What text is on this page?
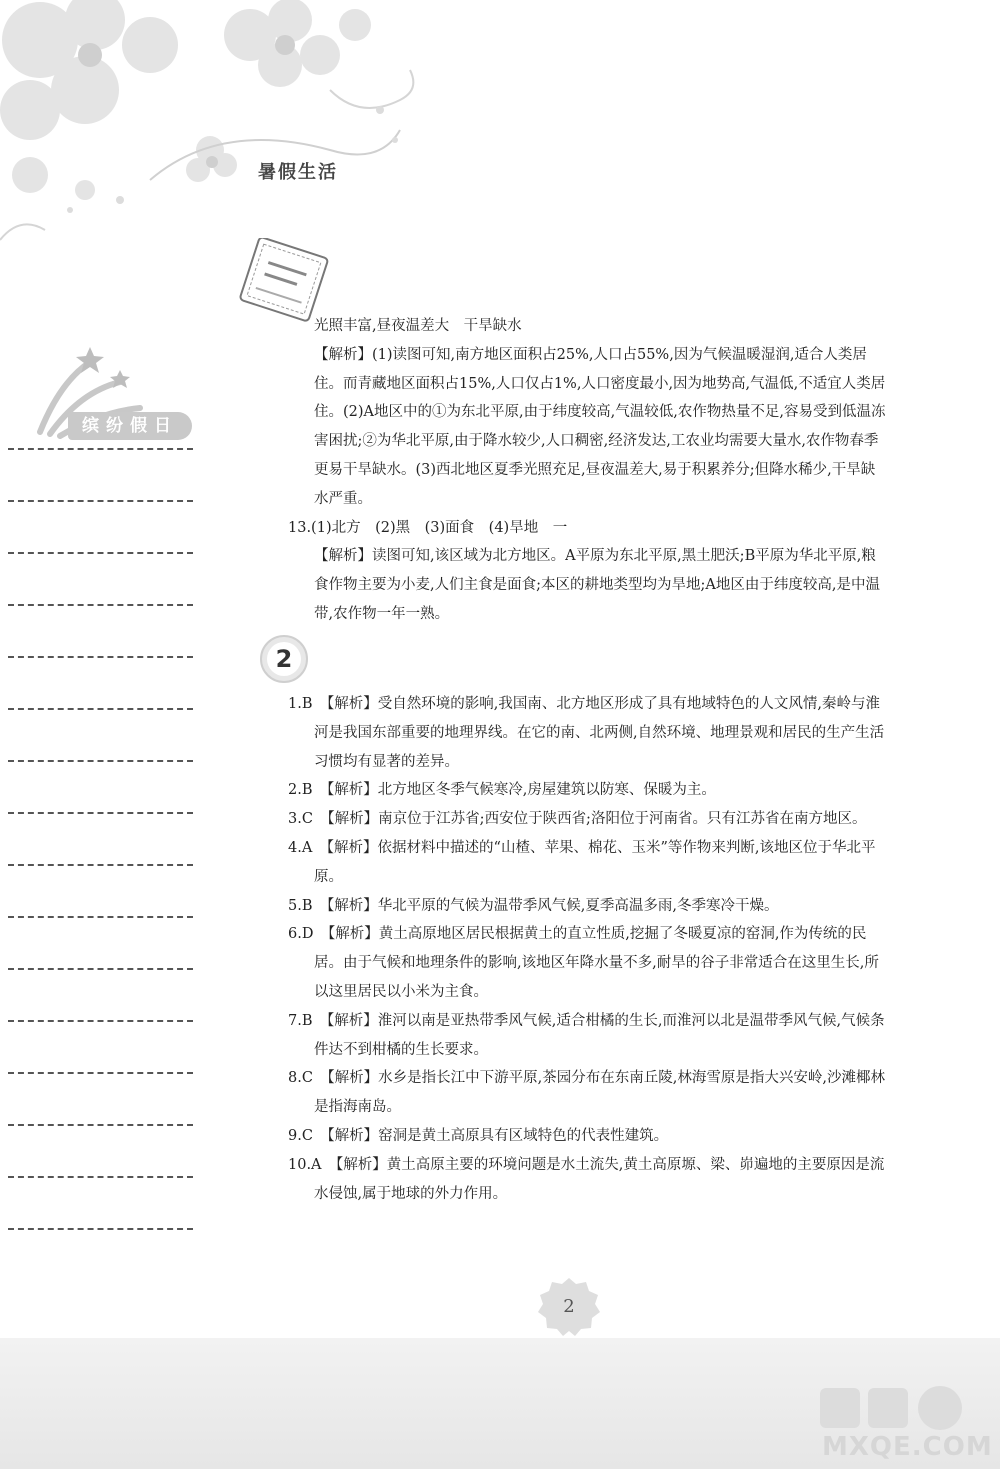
暑假生活
缤纷假日

光照丰富,昼夜温差大　干旱缺水

【解析】(1)读图可知,南方地区面积占25%,人口占55%,因为气候温暖湿润,适合人类居住。而青藏地区面积占15%,人口仅占1%,人口密度最小,因为地势高,气温低,不适宜人类居住。(2)A地区中的①为东北平原,由于纬度较高,气温较低,农作物热量不足,容易受到低温冻害困扰;②为华北平原,由于降水较少,人口稠密,经济发达,工农业均需要大量水,农作物春季更易干旱缺水。(3)西北地区夏季光照充足,昼夜温差大,易于积累养分;但降水稀少,干旱缺水严重。

13.(1)北方　(2)黑　(3)面食　(4)旱地　一

【解析】读图可知,该区域为北方地区。A平原为东北平原,黑土肥沃;B平原为华北平原,粮食作物主要为小麦,人们主食是面食;本区的耕地类型均为旱地;A地区由于纬度较高,是中温带,农作物一年一熟。

2

1.B　【解析】受自然环境的影响,我国南、北方地区形成了具有地域特色的人文风情,秦岭与淮河是我国东部重要的地理界线。在它的南、北两侧,自然环境、地理景观和居民的生产生活习惯均有显著的差异。

2.B　【解析】北方地区冬季气候寒冷,房屋建筑以防寒、保暖为主。

3.C　【解析】南京位于江苏省;西安位于陕西省;洛阳位于河南省。只有江苏省在南方地区。

4.A　【解析】依据材料中描述的“山楂、苹果、棉花、玉米”等作物来判断,该地区位于华北平原。

5.B　【解析】华北平原的气候为温带季风气候,夏季高温多雨,冬季寒冷干燥。

6.D　【解析】黄土高原地区居民根据黄土的直立性质,挖掘了冬暖夏凉的窑洞,作为传统的民居。由于气候和地理条件的影响,该地区年降水量不多,耐旱的谷子非常适合在这里生长,所以这里居民以小米为主食。

7.B　【解析】淮河以南是亚热带季风气候,适合柑橘的生长,而淮河以北是温带季风气候,气候条件达不到柑橘的生长要求。

8.C　【解析】水乡是指长江中下游平原,茶园分布在东南丘陵,林海雪原是指大兴安岭,沙滩椰林是指海南岛。

9.C　【解析】窑洞是黄土高原具有区域特色的代表性建筑。

10.A　【解析】黄土高原主要的环境问题是水土流失,黄土高原塬、梁、峁遍地的主要原因是流水侵蚀,属于地球的外力作用。

2
MXQE.COM
